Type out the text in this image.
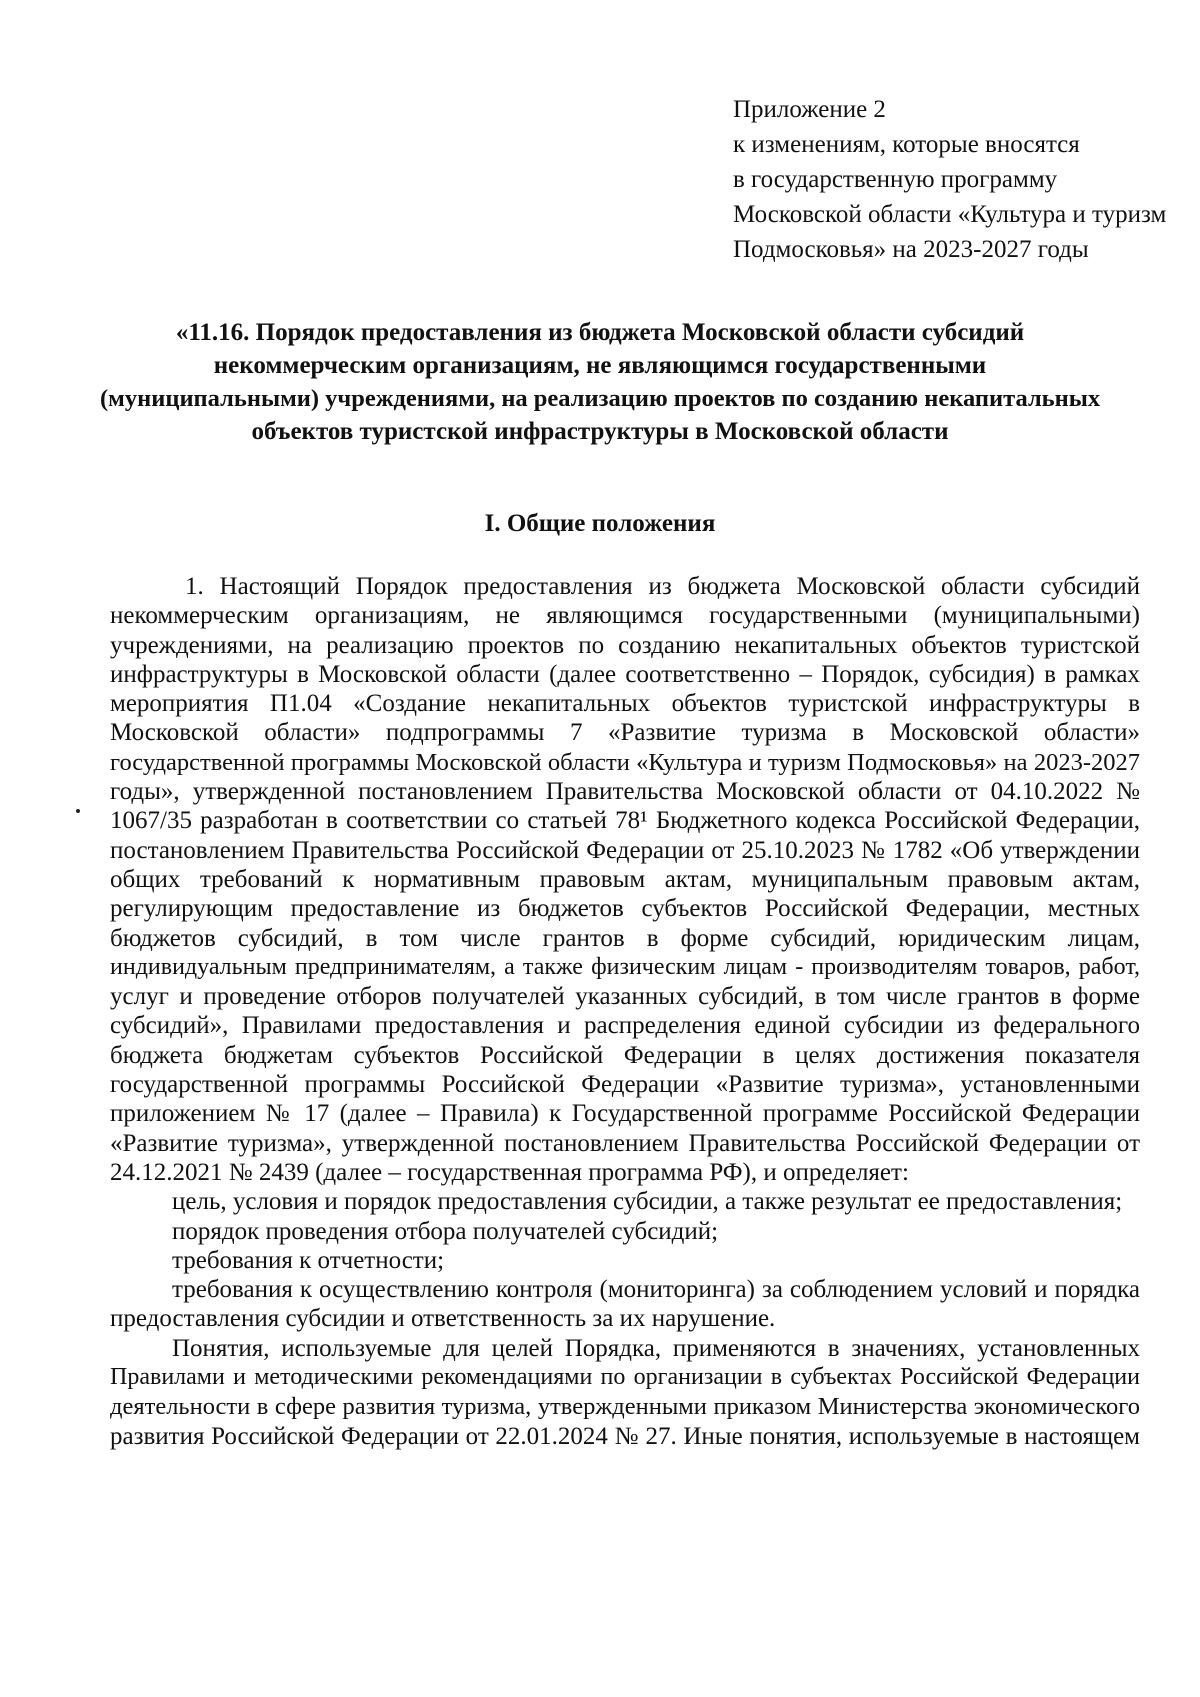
Приложение 2
к изменениям, которые вносятся
в государственную программу
Московской области «Культура и туризм
Подмосковья» на 2023-2027 годы
«11.16. Порядок предоставления из бюджета Московской области субсидий
некоммерческим организациям, не являющимся государственными
(муниципальными) учреждениями, на реализацию проектов по созданию некапитальных
объектов туристской инфраструктуры в Московской области
I. Общие положения
1. Настоящий Порядок предоставления из бюджета Московской области субсидий
некоммерческим организациям, не являющимся государственными (муниципальными)
учреждениями, на реализацию проектов по созданию некапитальных объектов туристской
инфраструктуры в Московской области (далее соответственно – Порядок, субсидия) в рамках
мероприятия П1.04 «Создание некапитальных объектов туристской инфраструктуры в
Московской области» подпрограммы 7 «Развитие туризма в Московской области»
государственной программы Московской области «Культура и туризм Подмосковья» на 2023-2027
годы», утвержденной постановлением Правительства Московской области от 04.10.2022 №
1067/35 разработан в соответствии со статьей 78¹ Бюджетного кодекса Российской Федерации,
постановлением Правительства Российской Федерации от 25.10.2023 № 1782 «Об утверждении
общих требований к нормативным правовым актам, муниципальным правовым актам,
регулирующим предоставление из бюджетов субъектов Российской Федерации, местных
бюджетов субсидий, в том числе грантов в форме субсидий, юридическим лицам,
индивидуальным предпринимателям, а также физическим лицам - производителям товаров, работ,
услуг и проведение отборов получателей указанных субсидий, в том числе грантов в форме
субсидий», Правилами предоставления и распределения единой субсидии из федерального
бюджета бюджетам субъектов Российской Федерации в целях достижения показателя
государственной программы Российской Федерации «Развитие туризма», установленными
приложением № 17 (далее – Правила) к Государственной программе Российской Федерации
«Развитие туризма», утвержденной постановлением Правительства Российской Федерации от
24.12.2021 № 2439 (далее – государственная программа РФ), и определяет:
цель, условия и порядок предоставления субсидии, а также результат ее предоставления;
порядок проведения отбора получателей субсидий;
требования к отчетности;
требования к осуществлению контроля (мониторинга) за соблюдением условий и порядка
предоставления субсидии и ответственность за их нарушение.
Понятия, используемые для целей Порядка, применяются в значениях, установленных
Правилами и методическими рекомендациями по организации в субъектах Российской Федерации
деятельности в сфере развития туризма, утвержденными приказом Министерства экономического
развития Российской Федерации от 22.01.2024 № 27. Иные понятия, используемые в настоящем
